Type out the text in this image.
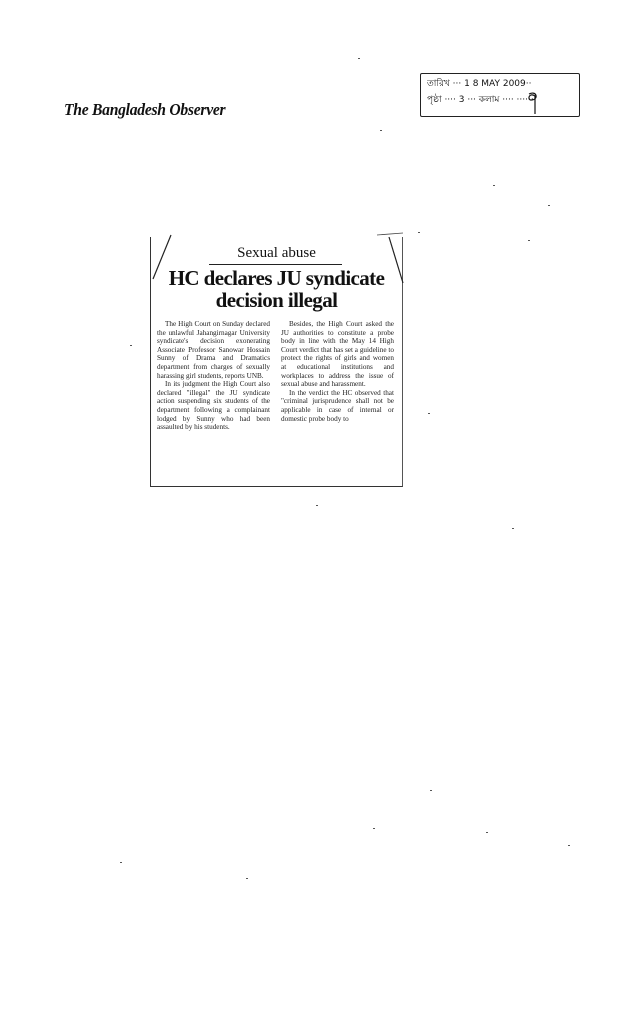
The Bangladesh Observer
তারিখ ··· 1 8 MAY 2009··
পৃষ্ঠা ···· 3 ··· কলাম ···· ······
Sexual abuse
HC declares JU syndicate decision illegal

The High Court on Sunday declared the unlawful Jahangirnagar University syndicate's decision exonerating Associate Professor Sanowar Hossain Sunny of Drama and Dramatics department from charges of sexually harassing girl students, reports UNB.

In its judgment the High Court also declared "illegal" the JU syndicate action suspending six students of the department following a complainant lodged by Sunny who had been assaulted by his students.

Besides, the High Court asked the JU authorities to constitute a probe body in line with the May 14 High Court verdict that has set a guideline to protect the rights of girls and women at educational institutions and workplaces to address the issue of sexual abuse and harassment.

In the verdict the HC observed that "criminal jurisprudence shall not be applicable in case of internal or domestic probe body to
